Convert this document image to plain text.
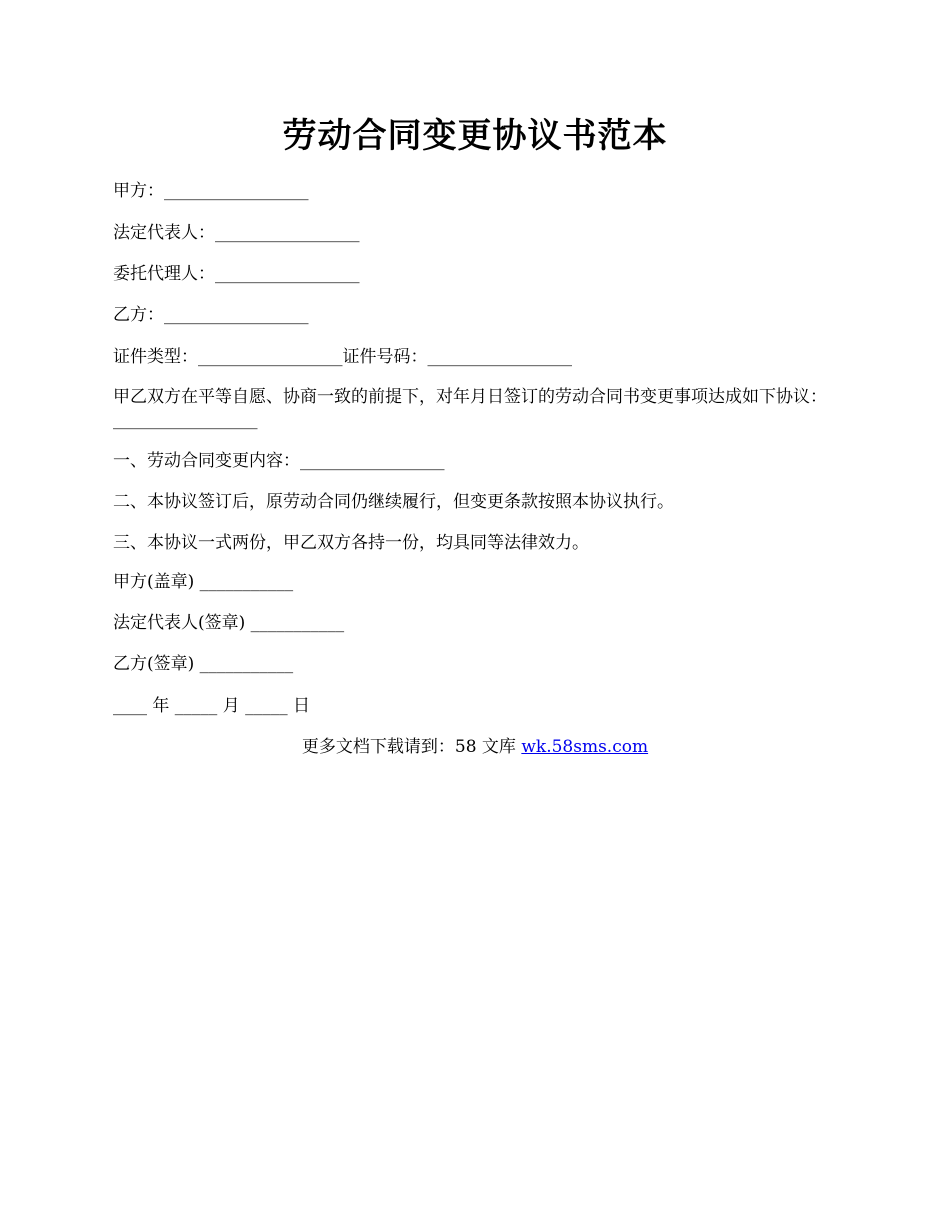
劳动合同变更协议书范本
甲方：_________________
法定代表人：_________________
委托代理人：_________________
乙方：_________________
证件类型：_________________证件号码：_________________
甲乙双方在平等自愿、协商一致的前提下，对年月日签订的劳动合同书变更事项达成如下协议：_________________
一、劳动合同变更内容：_________________
二、本协议签订后，原劳动合同仍继续履行，但变更条款按照本协议执行。
三、本协议一式两份，甲乙双方各持一份，均具同等法律效力。
甲方(盖章) ___________
法定代表人(签章) ___________
乙方(签章) ___________
____ 年 _____ 月 _____ 日
更多文档下载请到：58 文库 wk.58sms.com
